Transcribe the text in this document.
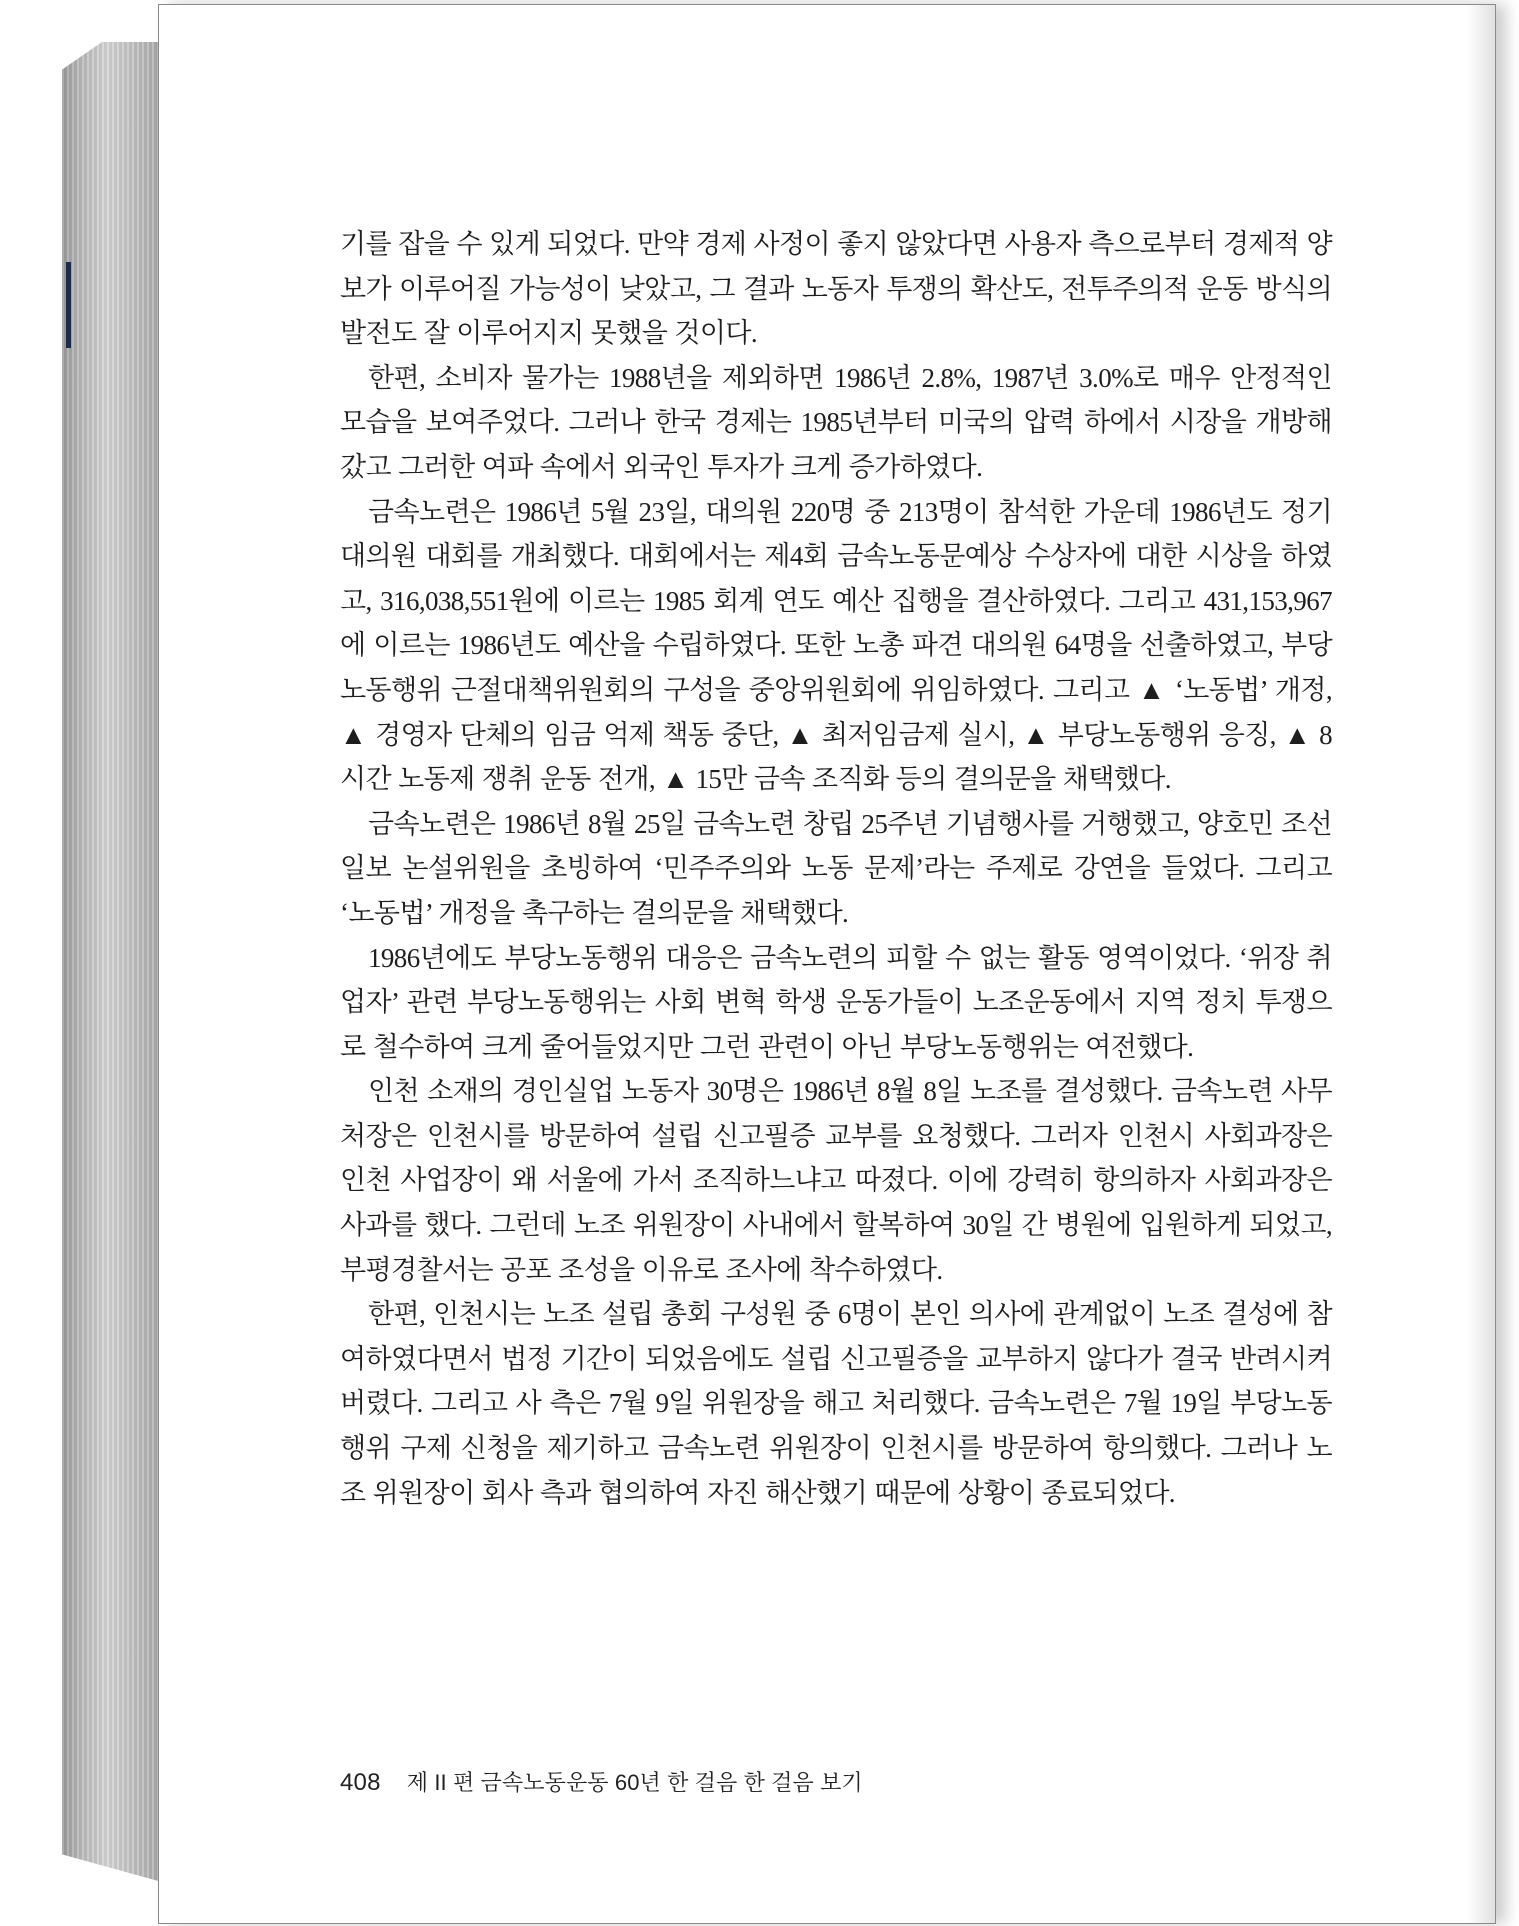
기를 잡을 수 있게 되었다. 만약 경제 사정이 좋지 않았다면 사용자 측으로부터 경제적 양보가 이루어질 가능성이 낮았고, 그 결과 노동자 투쟁의 확산도, 전투주의적 운동 방식의 발전도 잘 이루어지지 못했을 것이다.

한편, 소비자 물가는 1988년을 제외하면 1986년 2.8%, 1987년 3.0%로 매우 안정적인 모습을 보여주었다. 그러나 한국 경제는 1985년부터 미국의 압력 하에서 시장을 개방해 갔고 그러한 여파 속에서 외국인 투자가 크게 증가하였다.

금속노련은 1986년 5월 23일, 대의원 220명 중 213명이 참석한 가운데 1986년도 정기 대의원 대회를 개최했다. 대회에서는 제4회 금속노동문예상 수상자에 대한 시상을 하였고, 316,038,551원에 이르는 1985 회계 연도 예산 집행을 결산하였다. 그리고 431,153,967에 이르는 1986년도 예산을 수립하였다. 또한 노총 파견 대의원 64명을 선출하였고, 부당노동행위 근절대책위원회의 구성을 중앙위원회에 위임하였다. 그리고 ▲ ‘노동법’ 개정, ▲ 경영자 단체의 임금 억제 책동 중단, ▲ 최저임금제 실시, ▲ 부당노동행위 응징, ▲ 8시간 노동제 쟁취 운동 전개, ▲ 15만 금속 조직화 등의 결의문을 채택했다.

금속노련은 1986년 8월 25일 금속노련 창립 25주년 기념행사를 거행했고, 양호민 조선일보 논설위원을 초빙하여 ‘민주주의와 노동 문제’라는 주제로 강연을 들었다. 그리고 ‘노동법’ 개정을 촉구하는 결의문을 채택했다.

1986년에도 부당노동행위 대응은 금속노련의 피할 수 없는 활동 영역이었다. ‘위장 취업자’ 관련 부당노동행위는 사회 변혁 학생 운동가들이 노조운동에서 지역 정치 투쟁으로 철수하여 크게 줄어들었지만 그런 관련이 아닌 부당노동행위는 여전했다.

인천 소재의 경인실업 노동자 30명은 1986년 8월 8일 노조를 결성했다. 금속노련 사무처장은 인천시를 방문하여 설립 신고필증 교부를 요청했다. 그러자 인천시 사회과장은 인천 사업장이 왜 서울에 가서 조직하느냐고 따졌다. 이에 강력히 항의하자 사회과장은 사과를 했다. 그런데 노조 위원장이 사내에서 할복하여 30일 간 병원에 입원하게 되었고, 부평경찰서는 공포 조성을 이유로 조사에 착수하였다.

한편, 인천시는 노조 설립 총회 구성원 중 6명이 본인 의사에 관계없이 노조 결성에 참여하였다면서 법정 기간이 되었음에도 설립 신고필증을 교부하지 않다가 결국 반려시켜버렸다. 그리고 사 측은 7월 9일 위원장을 해고 처리했다. 금속노련은 7월 19일 부당노동행위 구제 신청을 제기하고 금속노련 위원장이 인천시를 방문하여 항의했다. 그러나 노조 위원장이 회사 측과 협의하여 자진 해산했기 때문에 상황이 종료되었다.

408 제 II 편 금속노동운동 60년 한 걸음 한 걸음 보기
